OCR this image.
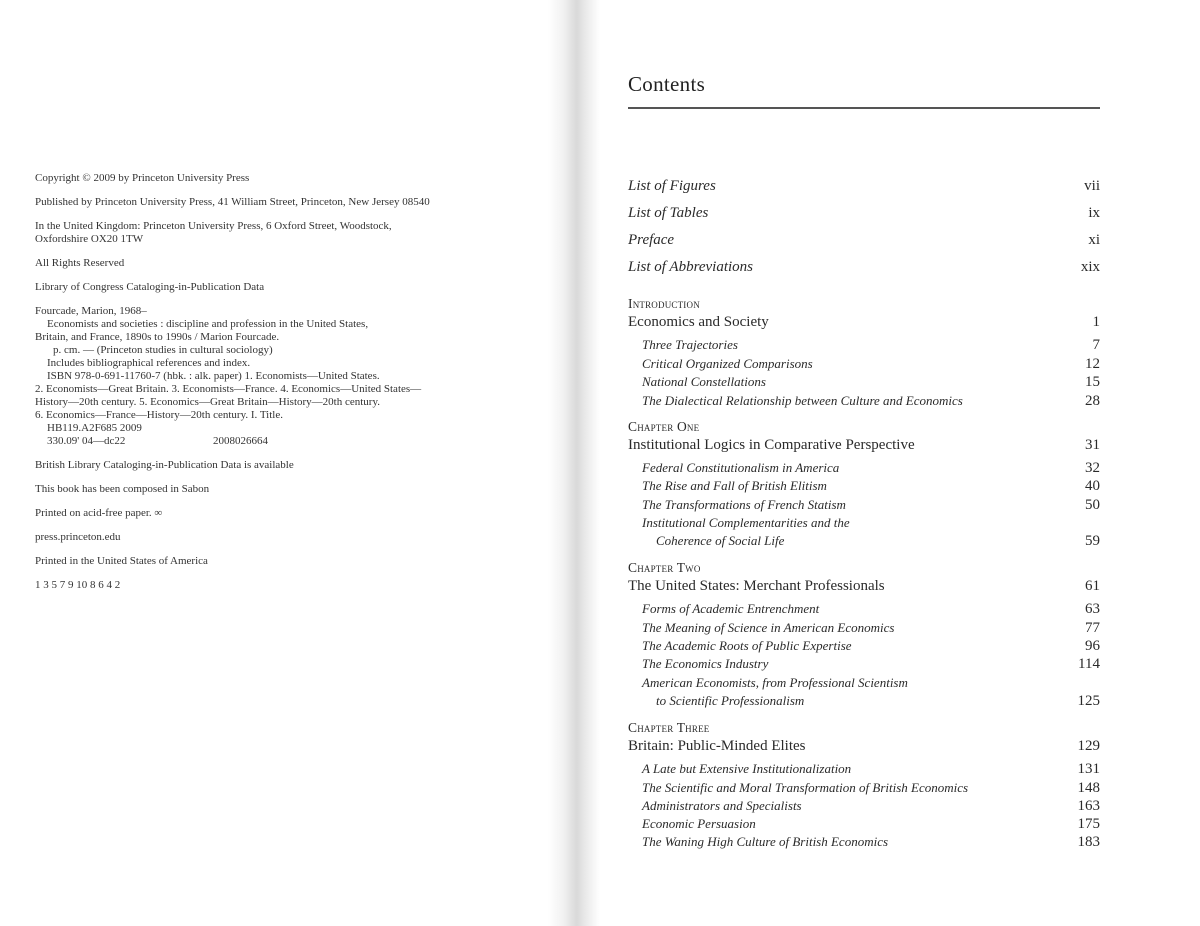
Copyright © 2009 by Princeton University Press

Published by Princeton University Press, 41 William Street, Princeton, New Jersey 08540

In the United Kingdom: Princeton University Press, 6 Oxford Street, Woodstock,
Oxfordshire OX20 1TW

All Rights Reserved

Library of Congress Cataloging-in-Publication Data

Fourcade, Marion, 1968–
Economists and societies : discipline and profession in the United States,
Britain, and France, 1890s to 1990s / Marion Fourcade.
p. cm. — (Princeton studies in cultural sociology)
Includes bibliographical references and index.
ISBN 978-0-691-11760-7 (hbk. : alk. paper) 1. Economists—United States.
2. Economists—Great Britain. 3. Economists—France. 4. Economics—United States—
History—20th century. 5. Economics—Great Britain—History—20th century.
6. Economics—France—History—20th century. I. Title.
HB119.A2F685 2009
330.09' 04—dc22	2008026664

British Library Cataloging-in-Publication Data is available

This book has been composed in Sabon

Printed on acid-free paper. ∞

press.princeton.edu

Printed in the United States of America

1 3 5 7 9 10 8 6 4 2

Contents
List of Figures	vii
List of Tables	ix
Preface	xi
List of Abbreviations	xix
Introduction
Economics and Society	1
Three Trajectories	7
Critical Organized Comparisons	12
National Constellations	15
The Dialectical Relationship between Culture and Economics	28
Chapter One
Institutional Logics in Comparative Perspective	31
Federal Constitutionalism in America	32
The Rise and Fall of British Elitism	40
The Transformations of French Statism	50
Institutional Complementarities and the
Coherence of Social Life	59
Chapter Two
The United States: Merchant Professionals	61
Forms of Academic Entrenchment	63
The Meaning of Science in American Economics	77
The Academic Roots of Public Expertise	96
The Economics Industry	114
American Economists, from Professional Scientism
to Scientific Professionalism	125
Chapter Three
Britain: Public-Minded Elites	129
A Late but Extensive Institutionalization	131
The Scientific and Moral Transformation of British Economics	148
Administrators and Specialists	163
Economic Persuasion	175
The Waning High Culture of British Economics	183
